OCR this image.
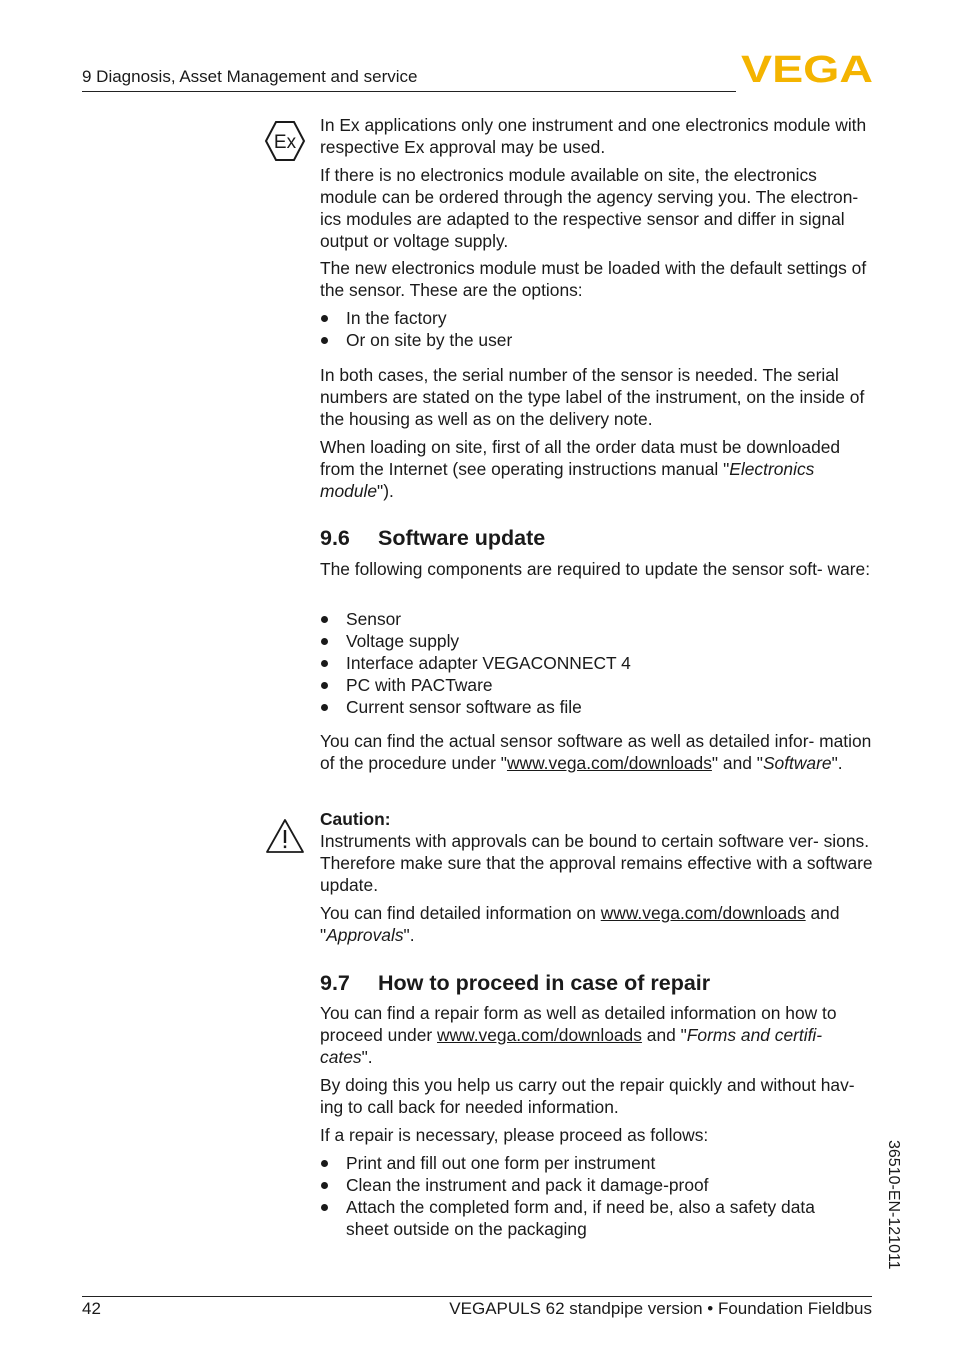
9 Diagnosis, Asset Management and service	VEGA
Ex

In Ex applications only one instrument and one electronics module with respective Ex approval may be used.

If there is no electronics module available on site, the electronics module can be ordered through the agency serving you. The electron- ics modules are adapted to the respective sensor and differ in signal output or voltage supply.

The new electronics module must be loaded with the default settings of the sensor. These are the options:

In the factory
Or on site by the user

In both cases, the serial number of the sensor is needed. The serial numbers are stated on the type label of the instrument, on the inside of the housing as well as on the delivery note.

When loading on site, first of all the order data must be downloaded from the Internet (see operating instructions manual "Electronics module").

9.6 Software update

The following components are required to update the sensor soft- ware:

Sensor
Voltage supply
Interface adapter VEGACONNECT 4
PC with PACTware
Current sensor software as file

You can find the actual sensor software as well as detailed infor- mation of the procedure under "www.vega.com/downloads" and "Software".

Caution:

Instruments with approvals can be bound to certain software ver- sions. Therefore make sure that the approval remains effective with a software update.

You can find detailed information on www.vega.com/downloads and "Approvals".

9.7 How to proceed in case of repair

You can find a repair form as well as detailed information on how to proceed under www.vega.com/downloads and "Forms and certifi- cates".

By doing this you help us carry out the repair quickly and without hav- ing to call back for needed information.

If a repair is necessary, please proceed as follows:

Print and fill out one form per instrument
Clean the instrument and pack it damage-proof
Attach the completed form and, if need be, also a safety data sheet outside on the packaging	36510-EN-121011
42	VEGAPULS 62 standpipe version • Foundation Fieldbus
